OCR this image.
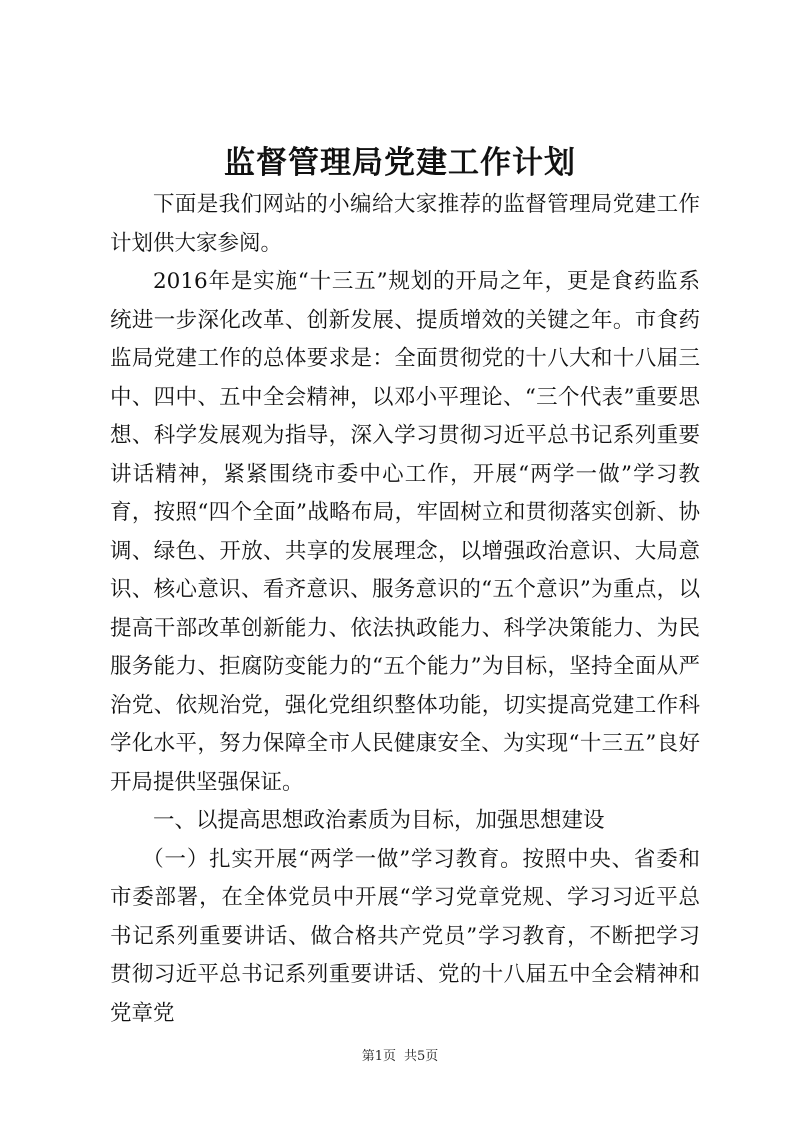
监督管理局党建工作计划

下面是我们网站的小编给大家推荐的监督管理局党建工作计划供大家参阅。

2016年是实施“十三五”规划的开局之年，更是食药监系统进一步深化改革、创新发展、提质增效的关键之年。市食药监局党建工作的总体要求是：全面贯彻党的十八大和十八届三中、四中、五中全会精神，以邓小平理论、“三个代表”重要思想、科学发展观为指导，深入学习贯彻习近平总书记系列重要讲话精神，紧紧围绕市委中心工作，开展“两学一做”学习教育，按照“四个全面”战略布局，牢固树立和贯彻落实创新、协调、绿色、开放、共享的发展理念，以增强政治意识、大局意识、核心意识、看齐意识、服务意识的“五个意识”为重点，以提高干部改革创新能力、依法执政能力、科学决策能力、为民服务能力、拒腐防变能力的“五个能力”为目标，坚持全面从严治党、依规治党，强化党组织整体功能，切实提高党建工作科学化水平，努力保障全市人民健康安全、为实现“十三五”良好开局提供坚强保证。

一、以提高思想政治素质为目标，加强思想建设

（一）扎实开展“两学一做”学习教育。按照中央、省委和市委部署，在全体党员中开展“学习党章党规、学习习近平总书记系列重要讲话、做合格共产党员”学习教育，不断把学习贯彻习近平总书记系列重要讲话、党的十八届五中全会精神和党章党

第1页 共5页
